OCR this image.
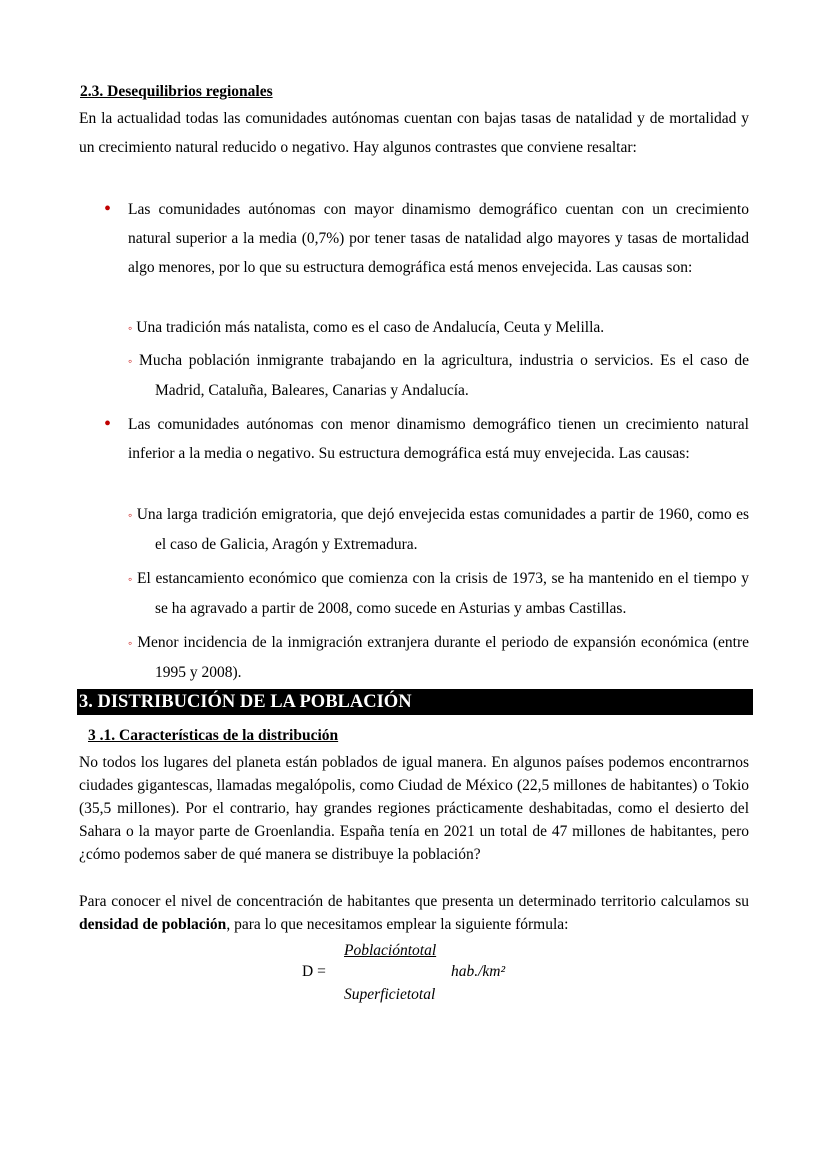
2.3. Desequilibrios regionales
En la actualidad todas las comunidades autónomas cuentan con bajas tasas de natalidad y de mortalidad y un crecimiento natural reducido o negativo. Hay algunos contrastes que conviene resaltar:
• Las comunidades autónomas con mayor dinamismo demográfico cuentan con un crecimiento natural superior a la media (0,7%) por tener tasas de natalidad algo mayores y tasas de mortalidad algo menores, por lo que su estructura demográfica está menos envejecida. Las causas son:
◦ Una tradición más natalista, como es el caso de Andalucía, Ceuta y Melilla.
◦ Mucha población inmigrante trabajando en la agricultura, industria o servicios. Es el caso de Madrid, Cataluña, Baleares, Canarias y Andalucía.
• Las comunidades autónomas con menor dinamismo demográfico tienen un crecimiento natural inferior a la media o negativo. Su estructura demográfica está muy envejecida. Las causas:
◦ Una larga tradición emigratoria, que dejó envejecida estas comunidades a partir de 1960, como es el caso de Galicia, Aragón y Extremadura.
◦ El estancamiento económico que comienza con la crisis de 1973, se ha mantenido en el tiempo y se ha agravado a partir de 2008, como sucede en Asturias y ambas Castillas.
◦ Menor incidencia de la inmigración extranjera durante el periodo de expansión económica (entre 1995 y 2008).
3. DISTRIBUCIÓN DE LA POBLACIÓN
3 .1. Características de la distribución
No todos los lugares del planeta están poblados de igual manera. En algunos países podemos encontrarnos ciudades gigantescas, llamadas megalópolis, como Ciudad de México (22,5 millones de habitantes) o Tokio (35,5 millones). Por el contrario, hay grandes regiones prácticamente deshabitadas, como el desierto del Sahara o la mayor parte de Groenlandia. España tenía en 2021 un total de 47 millones de habitantes, pero ¿cómo podemos saber de qué manera se distribuye la población?
Para conocer el nivel de concentración de habitantes que presenta un determinado territorio calculamos su densidad de población, para lo que necesitamos emplear la siguiente fórmula:
Poblacióntotal
D =	hab./km²
Superficietotal
